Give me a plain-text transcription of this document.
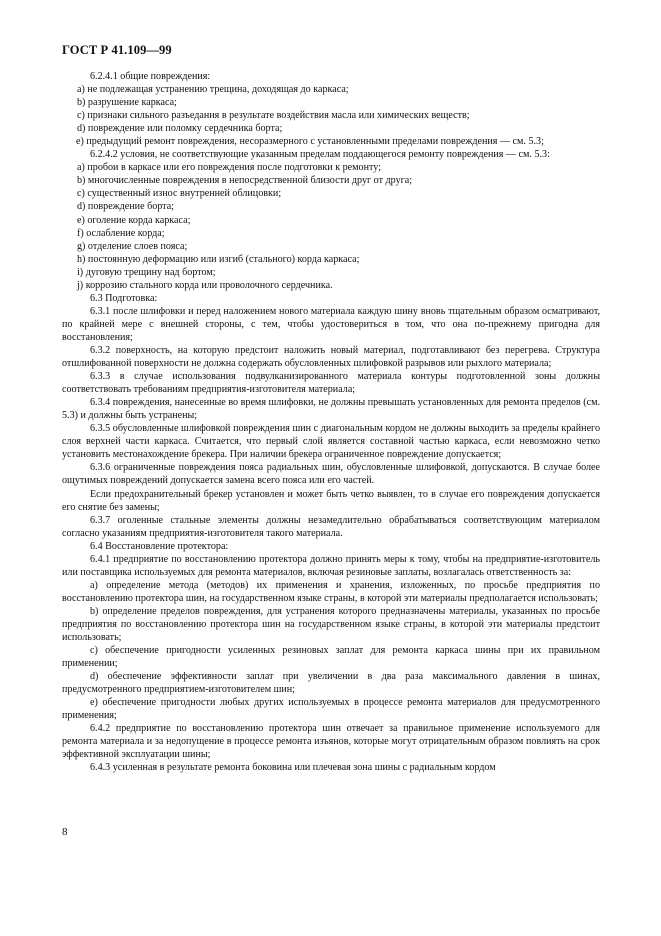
ГОСТ Р 41.109—99

6.2.4.1 общие повреждения:

а) не подлежащая устранению трещина, доходящая до каркаса;

b) разрушение каркаса;

с) признаки сильного разъедания в результате воздействия масла или химических веществ;

d) повреждение или поломку сердечника борта;

е) предыдущий ремонт повреждения, несоразмерного с установленными пределами повреждения — см. 5.3;

6.2.4.2 условия, не соответствующие указанным пределам поддающегося ремонту повреждения — см. 5.3:

а) пробои в каркасе или его повреждения после подготовки к ремонту;

b) многочисленные повреждения в непосредственной близости друг от друга;

с) существенный износ внутренней облицовки;

d) повреждение борта;

е) оголение корда каркаса;

f) ослабление корда;

g) отделение слоев пояса;

h) постоянную деформацию или изгиб (стального) корда каркаса;

i) дуговую трещину над бортом;

j) коррозию стального корда или проволочного сердечника.

6.3 Подготовка:

6.3.1 после шлифовки и перед наложением нового материала каждую шину вновь тщательным образом осматривают, по крайней мере с внешней стороны, с тем, чтобы удостовериться в том, что она по-прежнему пригодна для восстановления;

6.3.2 поверхность, на которую предстоит наложить новый материал, подготавливают без перегрева. Структура отшлифованной поверхности не должна содержать обусловленных шлифовкой разрывов или рыхлого материала;

6.3.3 в случае использования подвулканизированного материала контуры подготовленной зоны должны соответствовать требованиям предприятия-изготовителя материала;

6.3.4 повреждения, нанесенные во время шлифовки, не должны превышать установленных для ремонта пределов (см. 5.3) и должны быть устранены;

6.3.5 обусловленные шлифовкой повреждения шин с диагональным кордом не должны выходить за пределы крайнего слоя верхней части каркаса. Считается, что первый слой является составной частью каркаса, если невозможно четко установить местонахождение брекера. При наличии брекера ограниченное повреждение допускается;

6.3.6 ограниченные повреждения пояса радиальных шин, обусловленные шлифовкой, допускаются. В случае более ощутимых повреждений допускается замена всего пояса или его частей.

Если предохранительный брекер установлен и может быть четко выявлен, то в случае его повреждения допускается его снятие без замены;

6.3.7 оголенные стальные элементы должны незамедлительно обрабатываться соответствующим материалом согласно указаниям предприятия-изготовителя такого материала.

6.4 Восстановление протектора:

6.4.1 предприятие по восстановлению протектора должно принять меры к тому, чтобы на предприятие-изготовитель или поставщика используемых для ремонта материалов, включая резиновые заплаты, возлагалась ответственность за:

а) определение метода (методов) их применения и хранения, изложенных, по просьбе предприятия по восстановлению протектора шин, на государственном языке страны, в которой эти материалы предполагается использовать;

b) определение пределов повреждения, для устранения которого предназначены материалы, указанных по просьбе предприятия по восстановлению протектора шин на государственном языке страны, в которой эти материалы предстоит использовать;

с) обеспечение пригодности усиленных резиновых заплат для ремонта каркаса шины при их правильном применении;

d) обеспечение эффективности заплат при увеличении в два раза максимального давления в шинах, предусмотренного предприятием-изготовителем шин;

е) обеспечение пригодности любых других используемых в процессе ремонта материалов для предусмотренного применения;

6.4.2 предприятие по восстановлению протектора шин отвечает за правильное применение используемого для ремонта материала и за недопущение в процессе ремонта изъянов, которые могут отрицательным образом повлиять на срок эффективной эксплуатации шины;

6.4.3 усиленная в результате ремонта боковина или плечевая зона шины с радиальным кордом

8
